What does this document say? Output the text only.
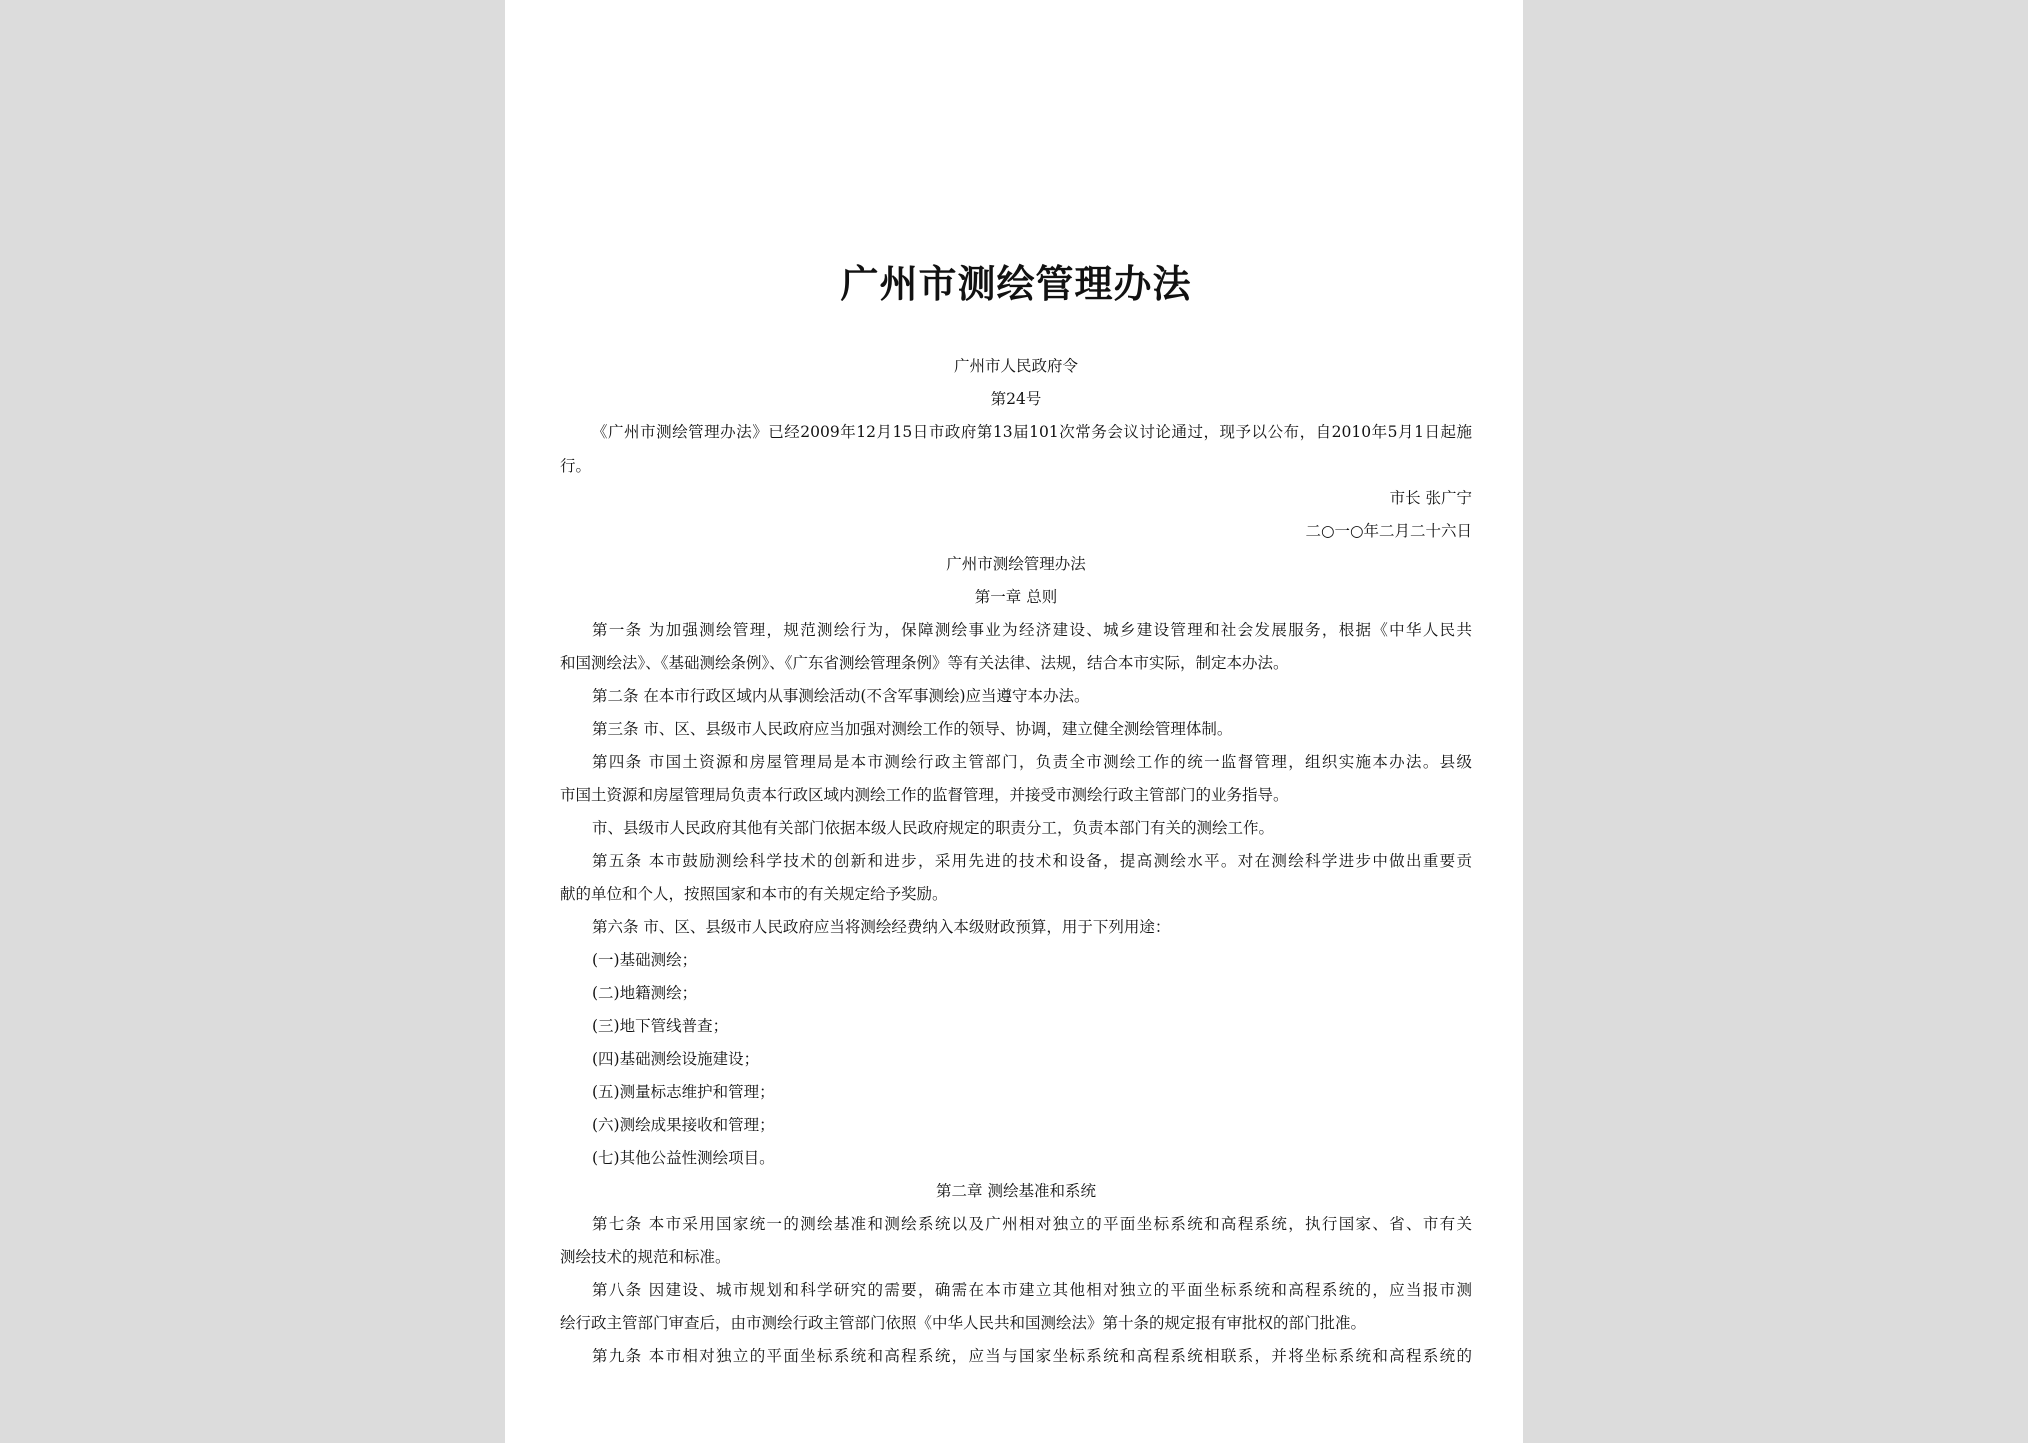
广州市测绘管理办法
广州市人民政府令
第24号
《广州市测绘管理办法》已经2009年12月15日市政府第13届101次常务会议讨论通过，现予以公布，自2010年5月1日起施
行。
市长 张广宁
二○一○年二月二十六日
广州市测绘管理办法
第一章 总则
第一条 为加强测绘管理，规范测绘行为，保障测绘事业为经济建设、城乡建设管理和社会发展服务，根据《中华人民共
和国测绘法》、《基础测绘条例》、《广东省测绘管理条例》等有关法律、法规，结合本市实际，制定本办法。
第二条 在本市行政区域内从事测绘活动(不含军事测绘)应当遵守本办法。
第三条 市、区、县级市人民政府应当加强对测绘工作的领导、协调，建立健全测绘管理体制。
第四条 市国土资源和房屋管理局是本市测绘行政主管部门，负责全市测绘工作的统一监督管理，组织实施本办法。县级
市国土资源和房屋管理局负责本行政区域内测绘工作的监督管理，并接受市测绘行政主管部门的业务指导。
市、县级市人民政府其他有关部门依据本级人民政府规定的职责分工，负责本部门有关的测绘工作。
第五条 本市鼓励测绘科学技术的创新和进步，采用先进的技术和设备，提高测绘水平。对在测绘科学进步中做出重要贡
献的单位和个人，按照国家和本市的有关规定给予奖励。
第六条 市、区、县级市人民政府应当将测绘经费纳入本级财政预算，用于下列用途：
(一)基础测绘；
(二)地籍测绘；
(三)地下管线普查；
(四)基础测绘设施建设；
(五)测量标志维护和管理；
(六)测绘成果接收和管理；
(七)其他公益性测绘项目。
第二章 测绘基准和系统
第七条 本市采用国家统一的测绘基准和测绘系统以及广州相对独立的平面坐标系统和高程系统，执行国家、省、市有关
测绘技术的规范和标准。
第八条 因建设、城市规划和科学研究的需要，确需在本市建立其他相对独立的平面坐标系统和高程系统的，应当报市测
绘行政主管部门审查后，由市测绘行政主管部门依照《中华人民共和国测绘法》第十条的规定报有审批权的部门批准。
第九条 本市相对独立的平面坐标系统和高程系统，应当与国家坐标系统和高程系统相联系，并将坐标系统和高程系统的
